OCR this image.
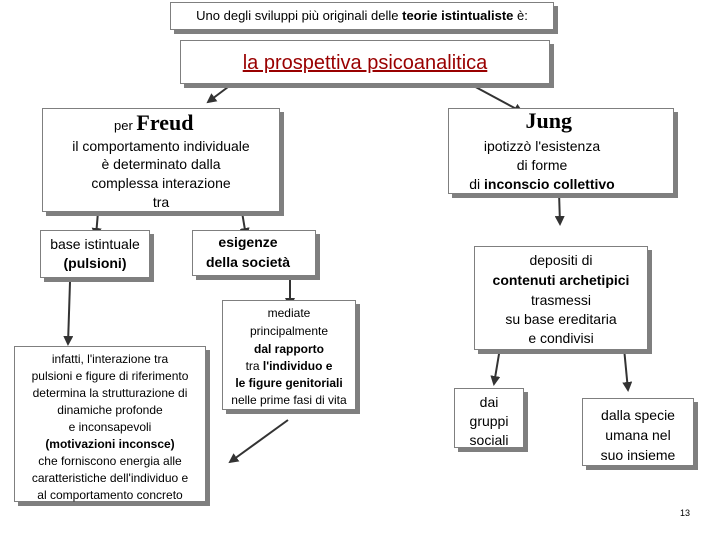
Uno degli sviluppi più originali delle teorie istintualiste è:
la prospettiva psicoanalitica
per Freud
il comportamento individuale
è determinato dalla
complessa interazione
tra
Jung
ipotizzò l'esistenza
di forme
di inconscio collettivo
base istintuale
(pulsioni)
esigenze
della società
mediate
principalmente
dal rapporto
tra l'individuo e
le figure genitoriali
nelle prime fasi di vita
infatti, l'interazione tra
pulsioni e figure di riferimento
determina la strutturazione di
dinamiche profonde
e inconsapevoli
(motivazioni inconsce)
che forniscono energia alle
caratteristiche dell'individuo e
al comportamento concreto
depositi di
contenuti archetipici
trasmessi
su base ereditaria
e condivisi
dai
gruppi
sociali
dalla specie
umana nel
suo insieme
13
